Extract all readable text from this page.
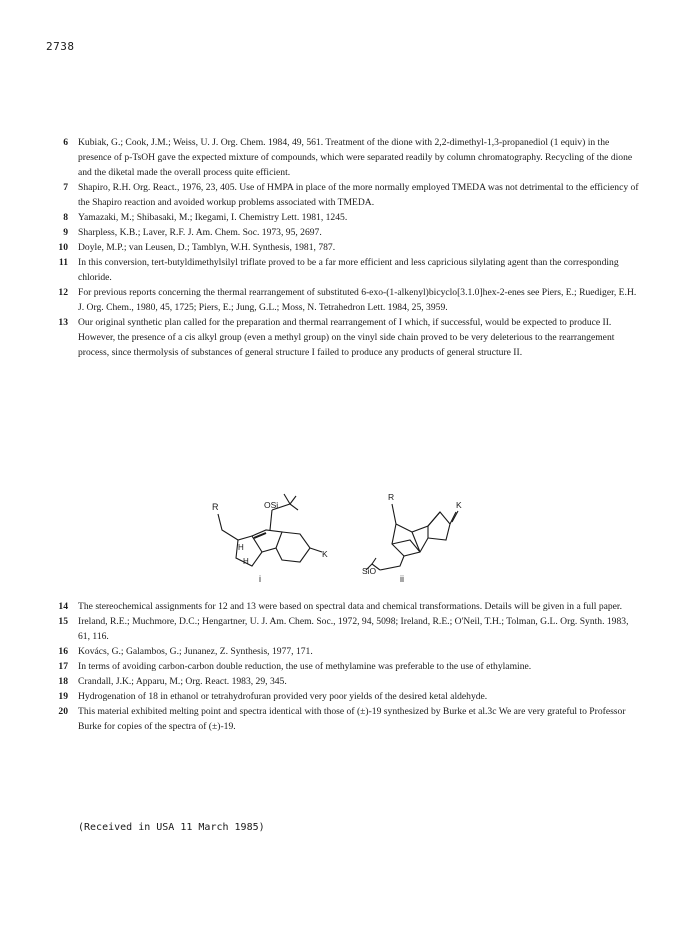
2738
6 Kubiak, G.; Cook, J.M.; Weiss, U. J. Org. Chem. 1984, 49, 561. Treatment of the dione with 2,2-dimethyl-1,3-propanediol (1 equiv) in the presence of p-TsOH gave the expected mixture of compounds, which were separated readily by column chromatography. Recycling of the dione and the diketal made the overall process quite efficient.
7 Shapiro, R.H. Org. React., 1976, 23, 405. Use of HMPA in place of the more normally employed TMEDA was not detrimental to the efficiency of the Shapiro reaction and avoided workup problems associated with TMEDA.
8 Yamazaki, M.; Shibasaki, M.; Ikegami, I. Chemistry Lett. 1981, 1245.
9 Sharpless, K.B.; Laver, R.F. J. Am. Chem. Soc. 1973, 95, 2697.
10 Doyle, M.P.; van Leusen, D.; Tamblyn, W.H. Synthesis, 1981, 787.
11 In this conversion, tert-butyldimethylsilyl triflate proved to be a far more efficient and less capricious silylating agent than the corresponding chloride.
12 For previous reports concerning the thermal rearrangement of substituted 6-exo-(1-alkenyl)bicyclo[3.1.0]hex-2-enes see Piers, E.; Ruediger, E.H. J. Org. Chem., 1980, 45, 1725; Piers, E.; Jung, G.L.; Moss, N. Tetrahedron Lett. 1984, 25, 3959.
13 Our original synthetic plan called for the preparation and thermal rearrangement of I which, if successful, would be expected to produce II. However, the presence of a cis alkyl group (even a methyl group) on the vinyl side chain proved to be very deleterious to the rearrangement process, since thermolysis of substances of general structure I failed to produce any products of general structure II.
R	OSi
H
H
K
i
R
K
SiO
ii
14 The stereochemical assignments for 12 and 13 were based on spectral data and chemical transformations. Details will be given in a full paper.
15 Ireland, R.E.; Muchmore, D.C.; Hengartner, U. J. Am. Chem. Soc., 1972, 94, 5098; Ireland, R.E.; O'Neil, T.H.; Tolman, G.L. Org. Synth. 1983, 61, 116.
16 Kovács, G.; Galambos, G.; Junanez, Z. Synthesis, 1977, 171.
17 In terms of avoiding carbon-carbon double reduction, the use of methylamine was preferable to the use of ethylamine.
18 Crandall, J.K.; Apparu, M.; Org. React. 1983, 29, 345.
19 Hydrogenation of 18 in ethanol or tetrahydrofuran provided very poor yields of the desired ketal aldehyde.
20 This material exhibited melting point and spectra identical with those of (±)-19 synthesized by Burke et al.3c We are very grateful to Professor Burke for copies of the spectra of (±)-19.
(Received in USA 11 March 1985)
